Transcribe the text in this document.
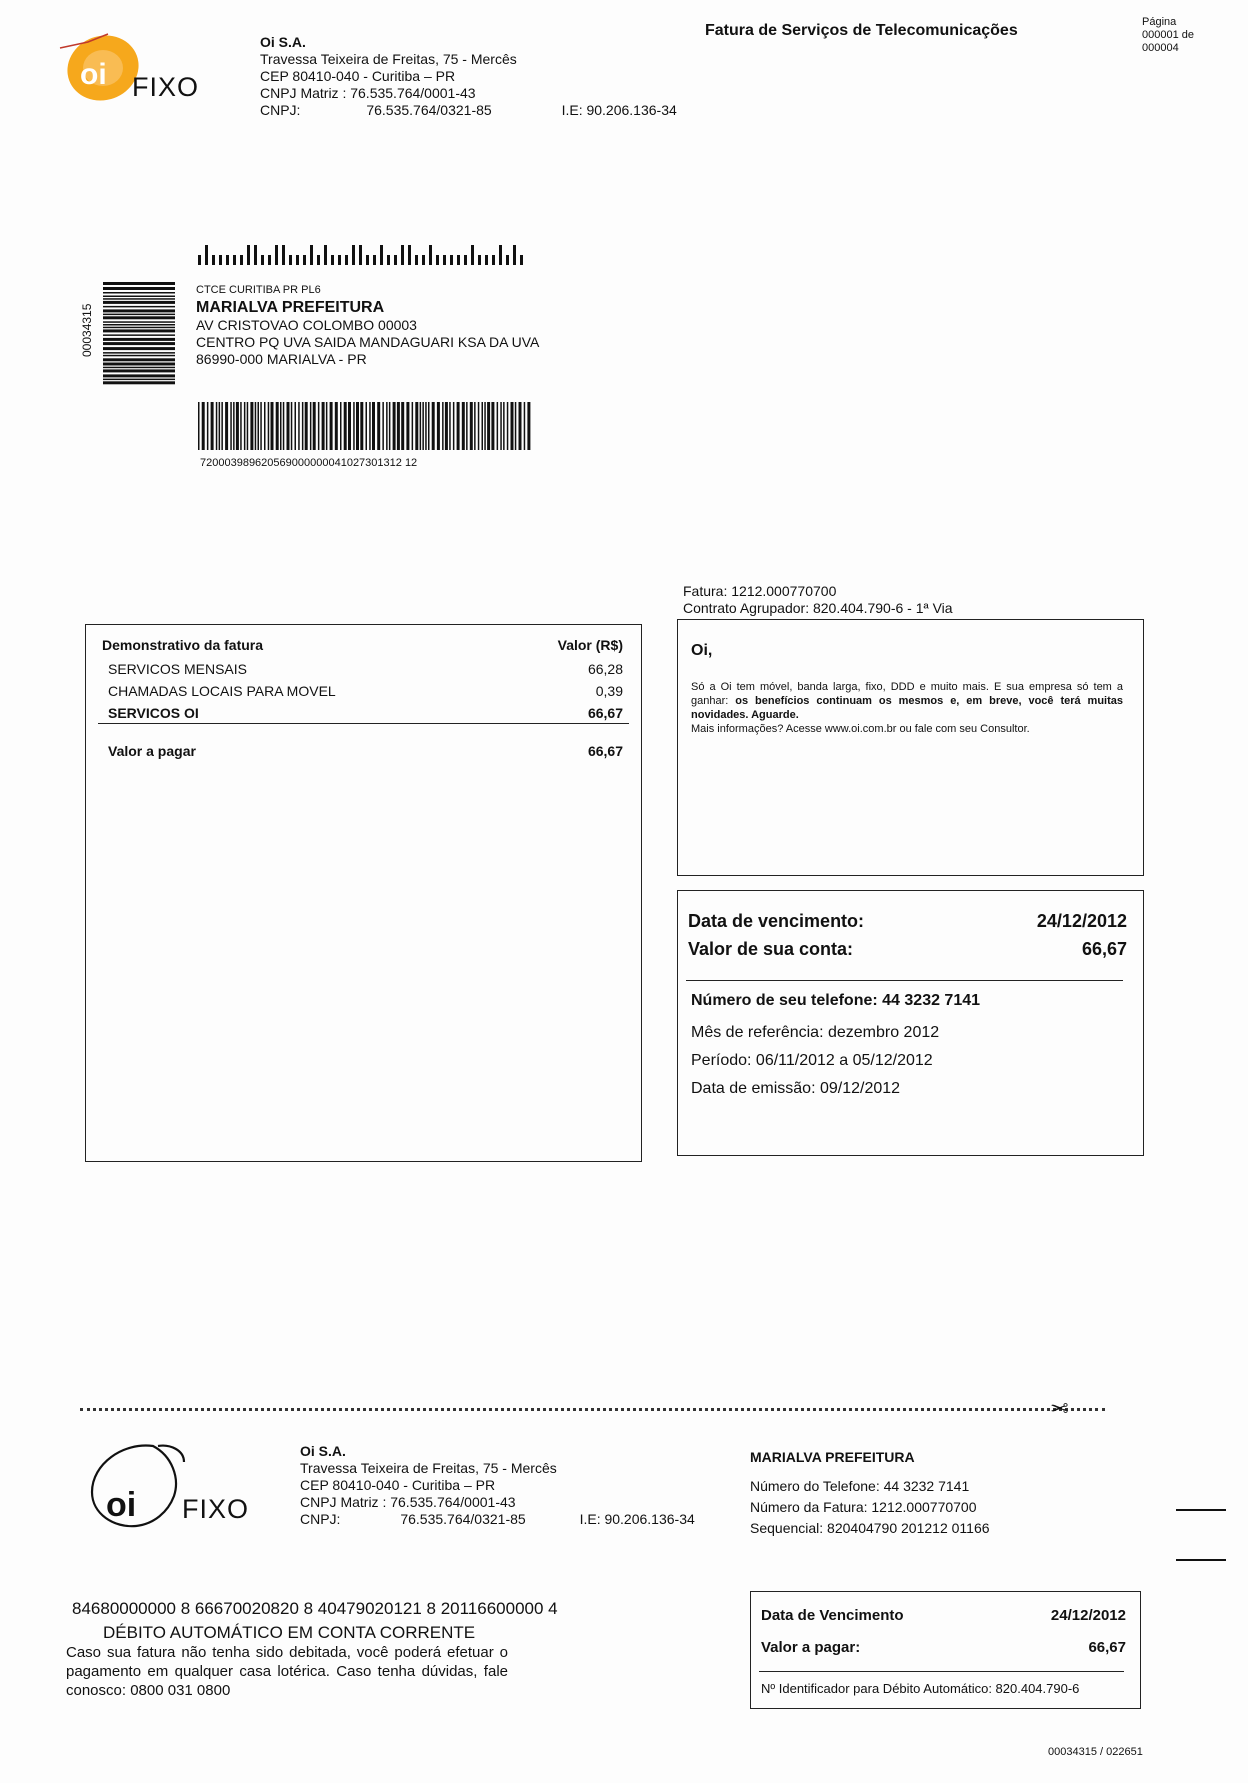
oi FIXO
Oi S.A.
Travessa Teixeira de Freitas, 75 - Mercês
CEP 80410-040 - Curitiba – PR
CNPJ Matriz : 76.535.764/0001-43
CNPJ:	76.535.764/0321-85	I.E: 90.206.136-34
Fatura de Serviços de Telecomunicações	Página
000001 de
000004
00034315
CTCE CURITIBA PR PL6
MARIALVA PREFEITURA
AV CRISTOVAO COLOMBO 00003
CENTRO PQ UVA SAIDA MANDAGUARI KSA DA UVA
86990-000 MARIALVA - PR
720003989620569000000041027301312 12
Fatura: 1212.000770700
Contrato Agrupador: 820.404.790-6 - 1ª Via
Demonstrativo da fatura	Valor (R$)
SERVICOS MENSAIS	66,28
CHAMADAS LOCAIS PARA MOVEL	0,39
SERVICOS OI	66,67
Valor a pagar	66,67
Oi,
Só a Oi tem móvel, banda larga, fixo, DDD e muito mais. E sua empresa só tem a ganhar: os benefícios continuam os mesmos e, em breve, você terá muitas novidades. Aguarde.
Mais informações? Acesse www.oi.com.br ou fale com seu Consultor.
Data de vencimento:	24/12/2012
Valor de sua conta:	66,67
Número de seu telefone: 44 3232 7141
Mês de referência: dezembro 2012
Período: 06/11/2012 a 05/12/2012
Data de emissão: 09/12/2012
✂
oi FIXO
Oi S.A.
Travessa Teixeira de Freitas, 75 - Mercês
CEP 80410-040 - Curitiba – PR
CNPJ Matriz : 76.535.764/0001-43
CNPJ:	76.535.764/0321-85	I.E: 90.206.136-34
MARIALVA PREFEITURA
Número do Telefone: 44 3232 7141
Número da Fatura: 1212.000770700
Sequencial: 820404790 201212 01166
84680000000 8 66670020820 8 40479020121 8 20116600000 4
DÉBITO AUTOMÁTICO EM CONTA CORRENTE
Caso sua fatura não tenha sido debitada, você poderá efetuar o pagamento em qualquer casa lotérica. Caso tenha dúvidas, fale conosco: 0800 031 0800
Data de Vencimento	24/12/2012
Valor a pagar:	66,67
Nº Identificador para Débito Automático: 820.404.790-6
00034315 / 022651
